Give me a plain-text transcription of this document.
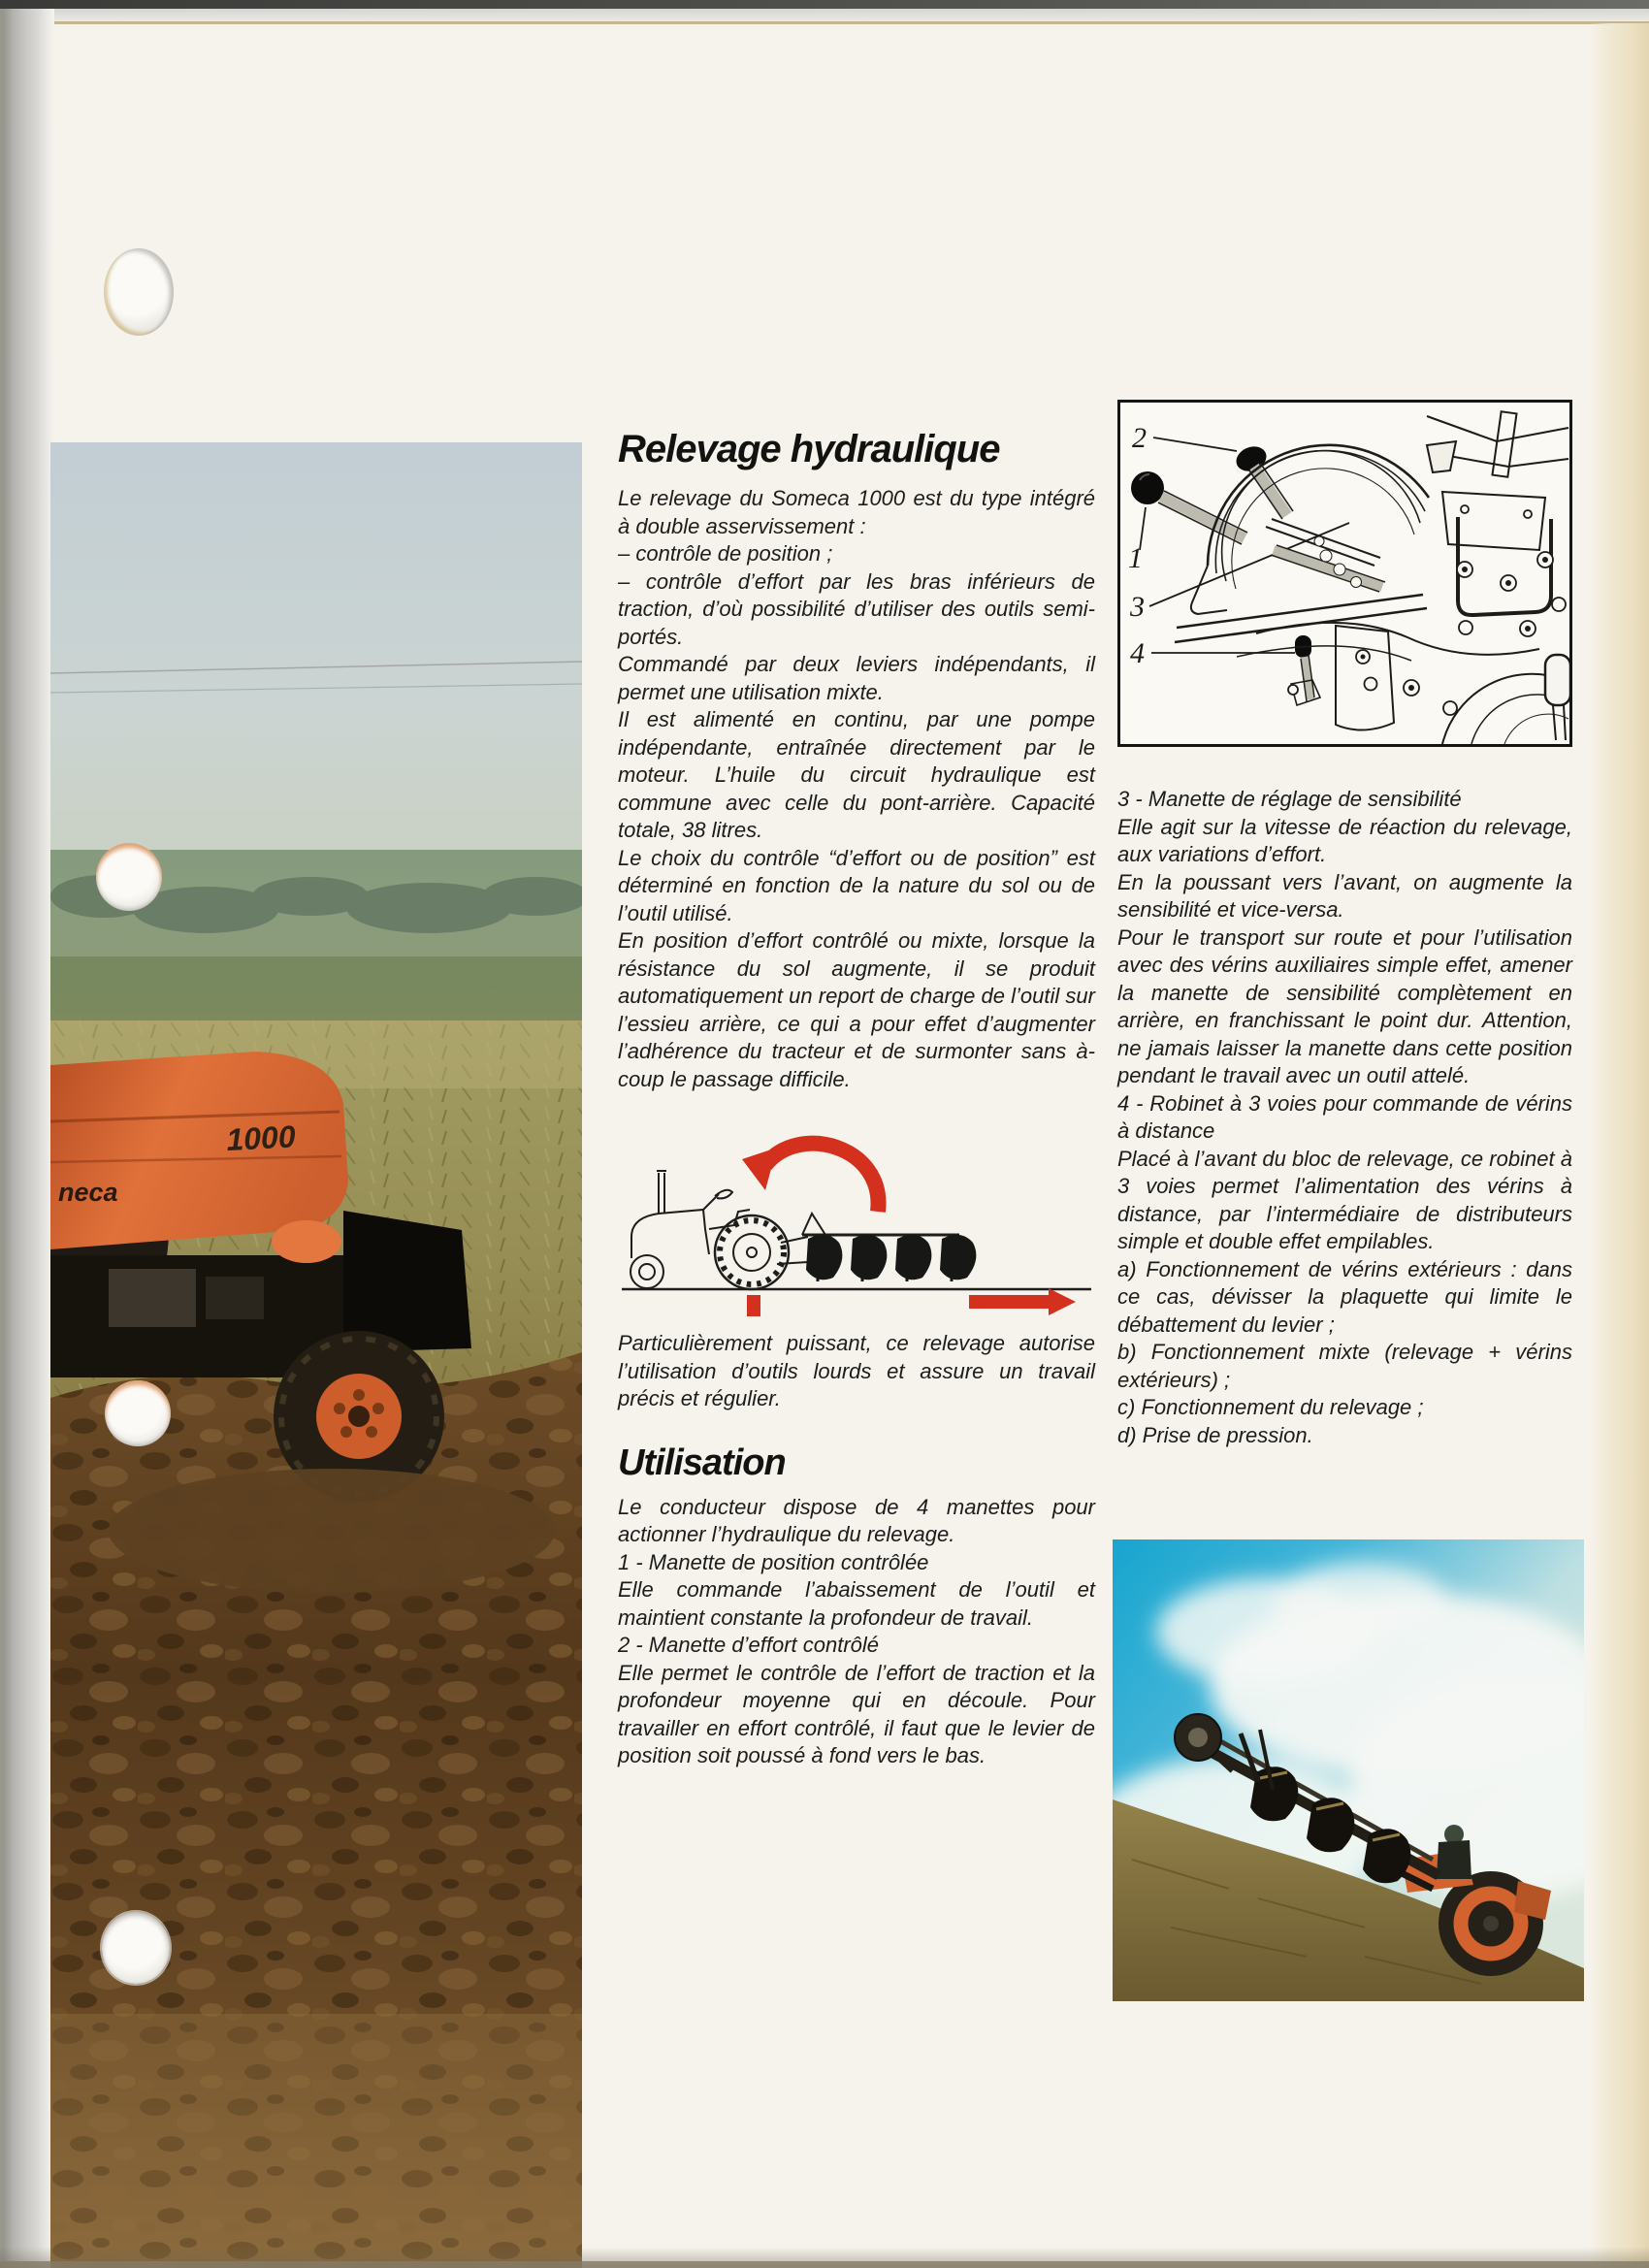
1000
neca
Relevage hydraulique

Le relevage du Someca 1000 est du type intégré à double asservissement :

– contrôle de position ;

– contrôle d’effort par les bras inférieurs de traction, d’où possibilité d’utiliser des outils semi-portés.

Commandé par deux leviers indépendants, il permet une utilisation mixte.

Il est alimenté en continu, par une pompe indépendante, entraînée directement par le moteur. L’huile du circuit hydraulique est commune avec celle du pont-arrière. Capacité totale, 38 litres.

Le choix du contrôle “d’effort ou de position” est déterminé en fonction de la nature du sol ou de l’outil utilisé.

En position d’effort contrôlé ou mixte, lorsque la résistance du sol augmente, il se produit automatiquement un report de charge de l’outil sur l’essieu arrière, ce qui a pour effet d’augmenter l’adhérence du tracteur et de surmonter sans à-coup le passage difficile.

Particulièrement puissant, ce relevage autorise l’utilisation d’outils lourds et assure un travail précis et régulier.

Utilisation

Le conducteur dispose de 4 manettes pour actionner l’hydraulique du relevage.

1 - Manette de position contrôlée

Elle commande l’abaissement de l’outil et maintient constante la profondeur de travail.

2 - Manette d’effort contrôlé

Elle permet le contrôle de l’effort de traction et la profondeur moyenne qui en découle. Pour travailler en effort contrôlé, il faut que le levier de position soit poussé à fond vers le bas.

2
1
3
4

3 - Manette de réglage de sensibilité

Elle agit sur la vitesse de réaction du relevage, aux variations d’effort.

En la poussant vers l’avant, on augmente la sensibilité et vice-versa.

Pour le transport sur route et pour l’utilisation avec des vérins auxiliaires simple effet, amener la manette de sensibilité complètement en arrière, en franchissant le point dur. Attention, ne jamais laisser la manette dans cette position pendant le travail avec un outil attelé.

4 - Robinet à 3 voies pour commande de vérins à distance

Placé à l’avant du bloc de relevage, ce robinet à 3 voies permet l’alimentation des vérins à distance, par l’intermédiaire de distributeurs simple et double effet empilables.

a) Fonctionnement de vérins extérieurs : dans ce cas, dévisser la plaquette qui limite le débattement du levier ;

b) Fonctionnement mixte (relevage + vérins extérieurs) ;

c) Fonctionnement du relevage ;

d) Prise de pression.
